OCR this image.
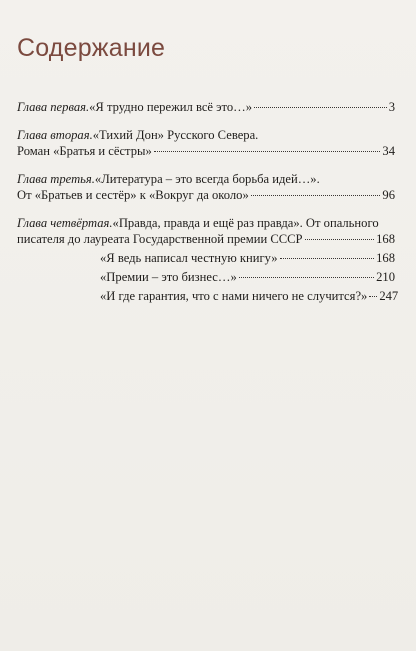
Содержание
Глава первая. «Я трудно пережил всё это…»	3
Глава вторая. «Тихий Дон» Русского Севера.
Роман «Братья и сёстры»	34
Глава третья. «Литература – это всегда борьба идей…».
От «Братьев и сестёр» к «Вокруг да около»	96
Глава четвёртая. «Правда, правда и ещё раз правда». От опального
писателя до лауреата Государственной премии СССР	168
«Я ведь написал честную книгу»	168
«Премии – это бизнес…»	210
«И где гарантия, что с нами ничего не случится?» 247
